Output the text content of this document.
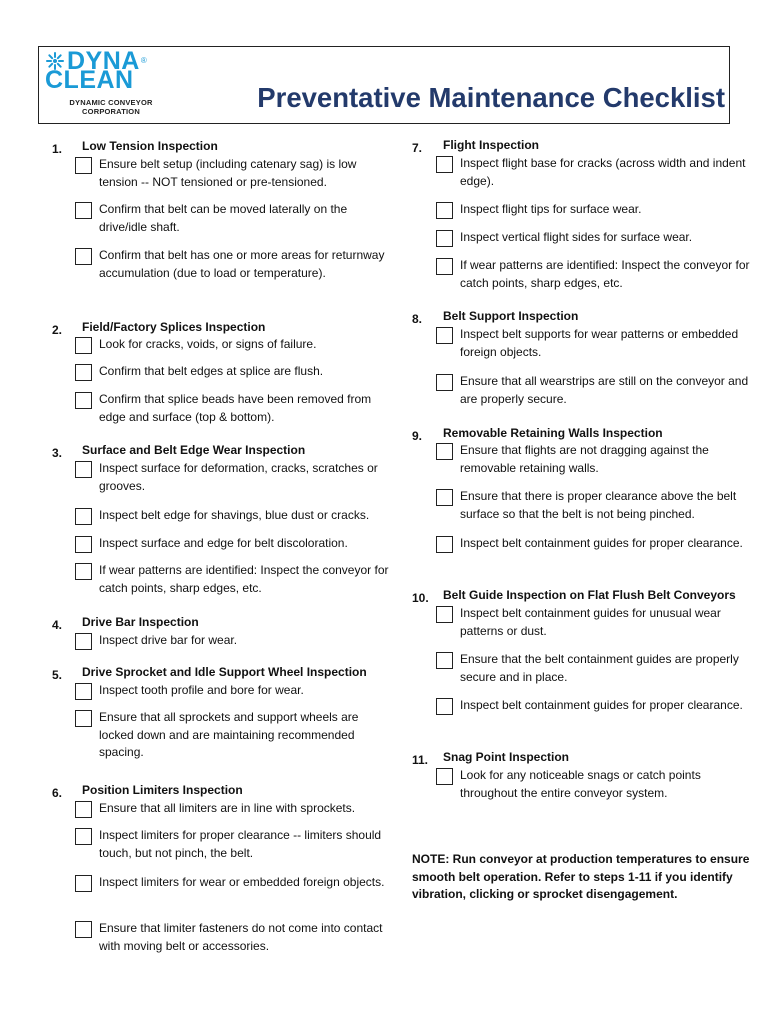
DYNA ®
CLEAN
DYNAMIC CONVEYOR
CORPORATION	Preventative Maintenance Checklist
1. Low Tension Inspection
Ensure belt setup (including catenary sag) is low tension -- NOT tensioned or pre-tensioned.
Confirm that belt can be moved laterally on the drive/idle shaft.
Confirm that belt has one or more areas for returnway accumulation (due to load or temperature).
2. Field/Factory Splices Inspection
Look for cracks, voids, or signs of failure.
Confirm that belt edges at splice are flush.
Confirm that splice beads have been removed from edge and surface (top & bottom).
3. Surface and Belt Edge Wear Inspection
Inspect surface for deformation, cracks, scratches or grooves.
Inspect belt edge for shavings, blue dust or cracks.
Inspect surface and edge for belt discoloration.
If wear patterns are identified: Inspect the conveyor for catch points, sharp edges, etc.
4. Drive Bar Inspection
Inspect drive bar for wear.
5. Drive Sprocket and Idle Support Wheel Inspection
Inspect tooth profile and bore for wear.
Ensure that all sprockets and support wheels are locked down and are maintaining recommended spacing.
6. Position Limiters Inspection
Ensure that all limiters are in line with sprockets.
Inspect limiters for proper clearance -- limiters should touch, but not pinch, the belt.
Inspect limiters for wear or embedded foreign objects.
Ensure that limiter fasteners do not come into contact with moving belt or accessories.
7. Flight Inspection
Inspect flight base for cracks (across width and indent edge).
Inspect flight tips for surface wear.
Inspect vertical flight sides for surface wear.
If wear patterns are identified: Inspect the conveyor for catch points, sharp edges, etc.
8. Belt Support Inspection
Inspect belt supports for wear patterns or embedded foreign objects.
Ensure that all wearstrips are still on the conveyor and are properly secure.
9. Removable Retaining Walls Inspection
Ensure that flights are not dragging against the removable retaining walls.
Ensure that there is proper clearance above the belt surface so that the belt is not being pinched.
Inspect belt containment guides for proper clearance.
10. Belt Guide Inspection on Flat Flush Belt Conveyors
Inspect belt containment guides for unusual wear patterns or dust.
Ensure that the belt containment guides are properly secure and in place.
Inspect belt containment guides for proper clearance.
11. Snag Point Inspection
Look for any noticeable snags or catch points throughout the entire conveyor system.
NOTE: Run conveyor at production temperatures to ensure smooth belt operation. Refer to steps 1-11 if you identify vibration, clicking or sprocket disengagement.
